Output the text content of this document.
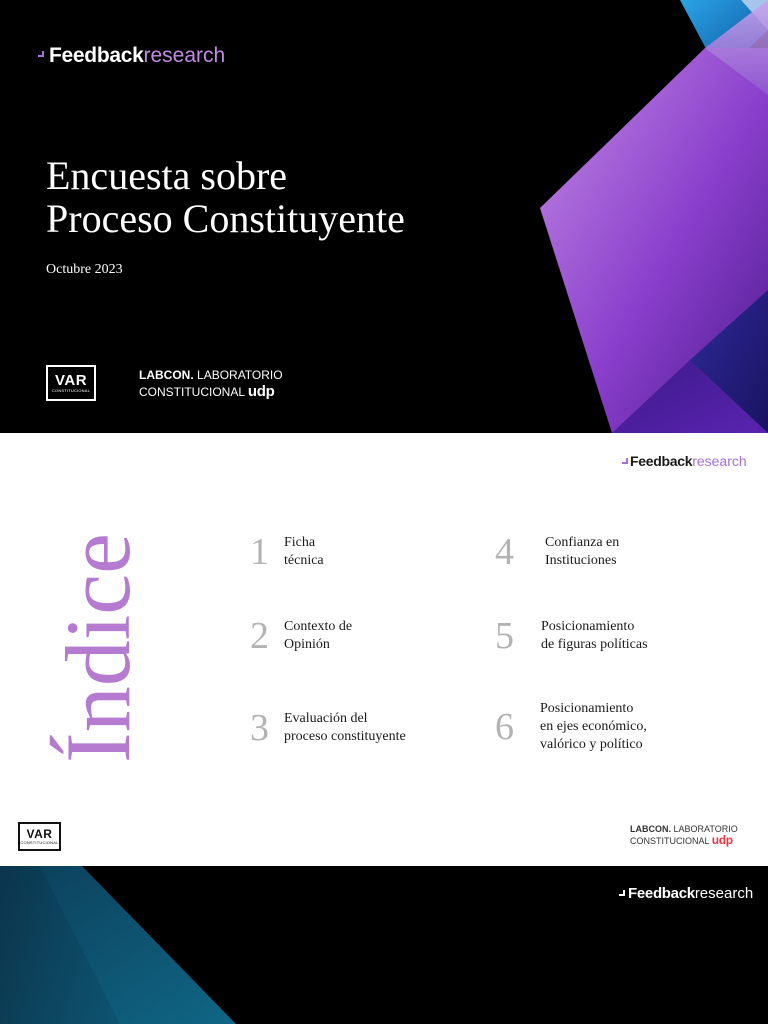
Feedback research
Encuesta sobre
Proceso Constituyente
Octubre 2023
VAR
CONSTITUCIONAL
LABCON. LABORATORIO
CONSTITUCIONAL udp
Feedback research
Índice	1	Ficha
técnica
2	Contexto de
Opinión
3	Evaluación del
proceso constituyente
4	Confianza en
Instituciones
5	Posicionamiento
de figuras políticas
6	Posicionamiento
en ejes económico,
valórico y político
VAR
CONSTITUCIONAL
LABCON. LABORATORIO
CONSTITUCIONAL udp
Feedback research
